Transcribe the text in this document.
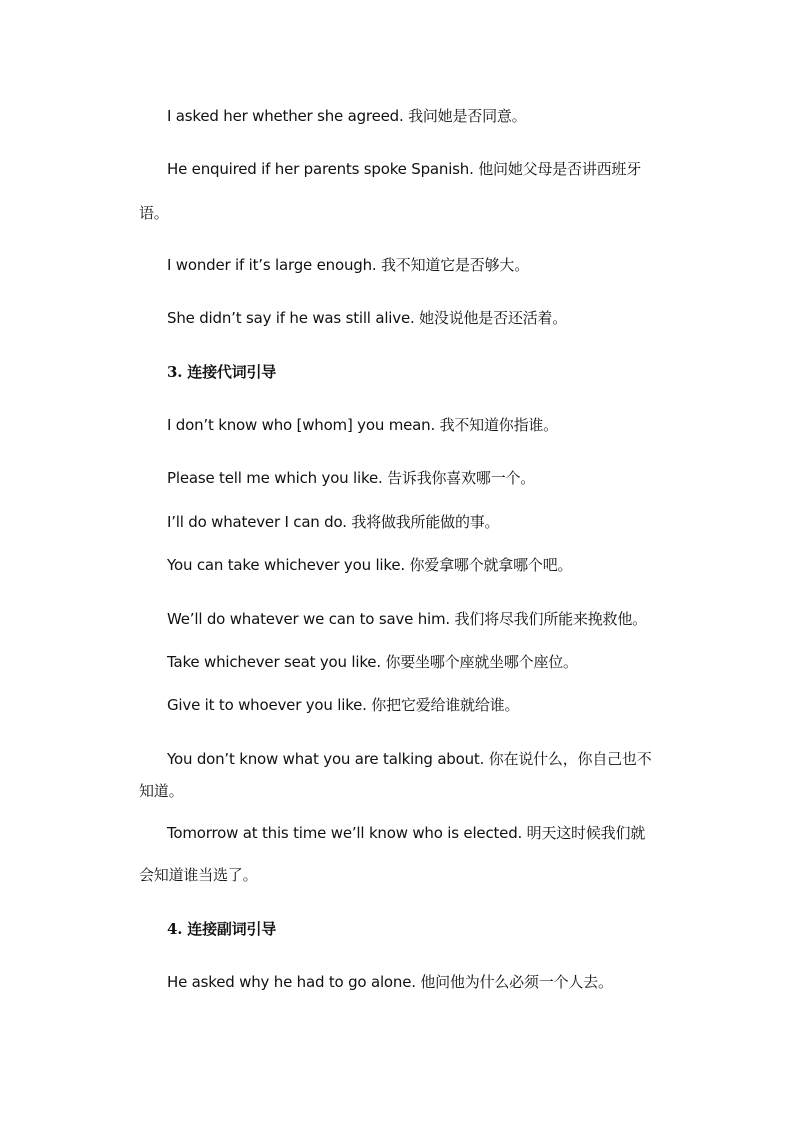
I asked her whether she agreed. 我问她是否同意。
He enquired if her parents spoke Spanish. 他问她父母是否讲西班牙
语。
I wonder if it’s large enough. 我不知道它是否够大。
She didn’t say if he was still alive. 她没说他是否还活着。
3. 连接代词引导
I don’t know who [whom] you mean. 我不知道你指谁。
Please tell me which you like. 告诉我你喜欢哪一个。
I’ll do whatever I can do. 我将做我所能做的事。
You can take whichever you like. 你爱拿哪个就拿哪个吧。
We’ll do whatever we can to save him. 我们将尽我们所能来挽救他。
Take whichever seat you like. 你要坐哪个座就坐哪个座位。
Give it to whoever you like. 你把它爱给谁就给谁。
You don’t know what you are talking about. 你在说什么，你自己也不
知道。
Tomorrow at this time we’ll know who is elected. 明天这时候我们就
会知道谁当选了。
4. 连接副词引导
He asked why he had to go alone. 他问他为什么必须一个人去。
